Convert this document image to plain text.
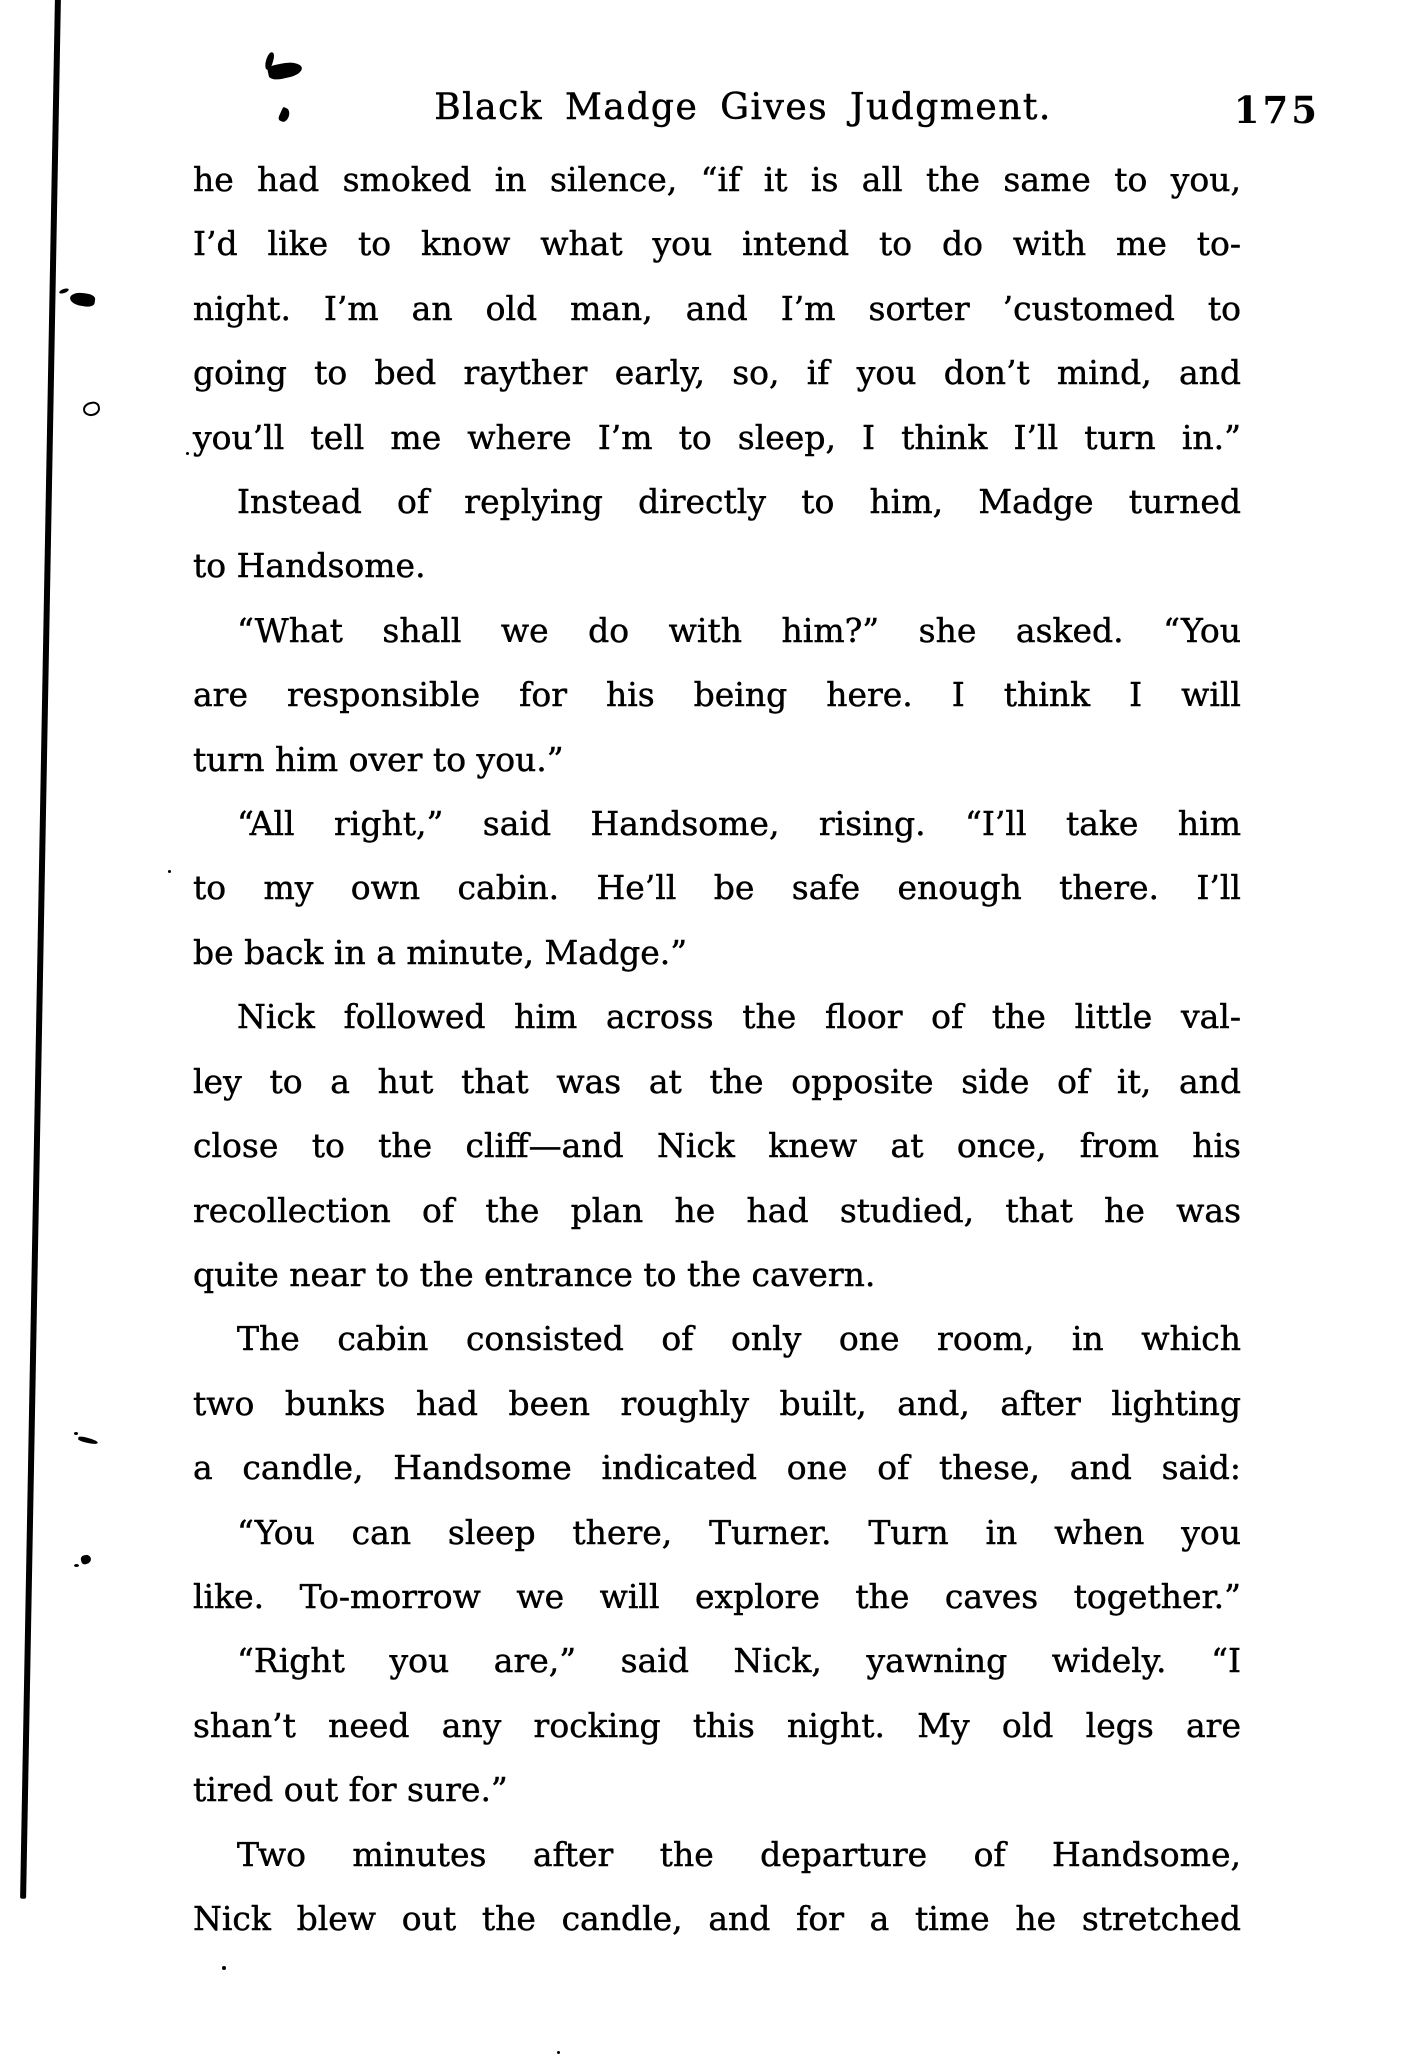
Black Madge Gives Judgment.	175
he had smoked in silence, “if it is all the same to you,
I’d like to know what you intend to do with me to-
night. I’m an old man, and I’m sorter ’customed to
going to bed rayther early, so, if you don’t mind, and
you’ll tell me where I’m to sleep, I think I’ll turn in.”
Instead of replying directly to him, Madge turned
to Handsome.
“What shall we do with him?” she asked. “You
are responsible for his being here. I think I will
turn him over to you.”
“All right,” said Handsome, rising. “I’ll take him
to my own cabin. He’ll be safe enough there. I’ll
be back in a minute, Madge.”
Nick followed him across the floor of the little val-
ley to a hut that was at the opposite side of it, and
close to the cliff—and Nick knew at once, from his
recollection of the plan he had studied, that he was
quite near to the entrance to the cavern.
The cabin consisted of only one room, in which
two bunks had been roughly built, and, after lighting
a candle, Handsome indicated one of these, and said:
“You can sleep there, Turner. Turn in when you
like. To-morrow we will explore the caves together.”
“Right you are,” said Nick, yawning widely. “I
shan’t need any rocking this night. My old legs are
tired out for sure.”
Two minutes after the departure of Handsome,
Nick blew out the candle, and for a time he stretched
